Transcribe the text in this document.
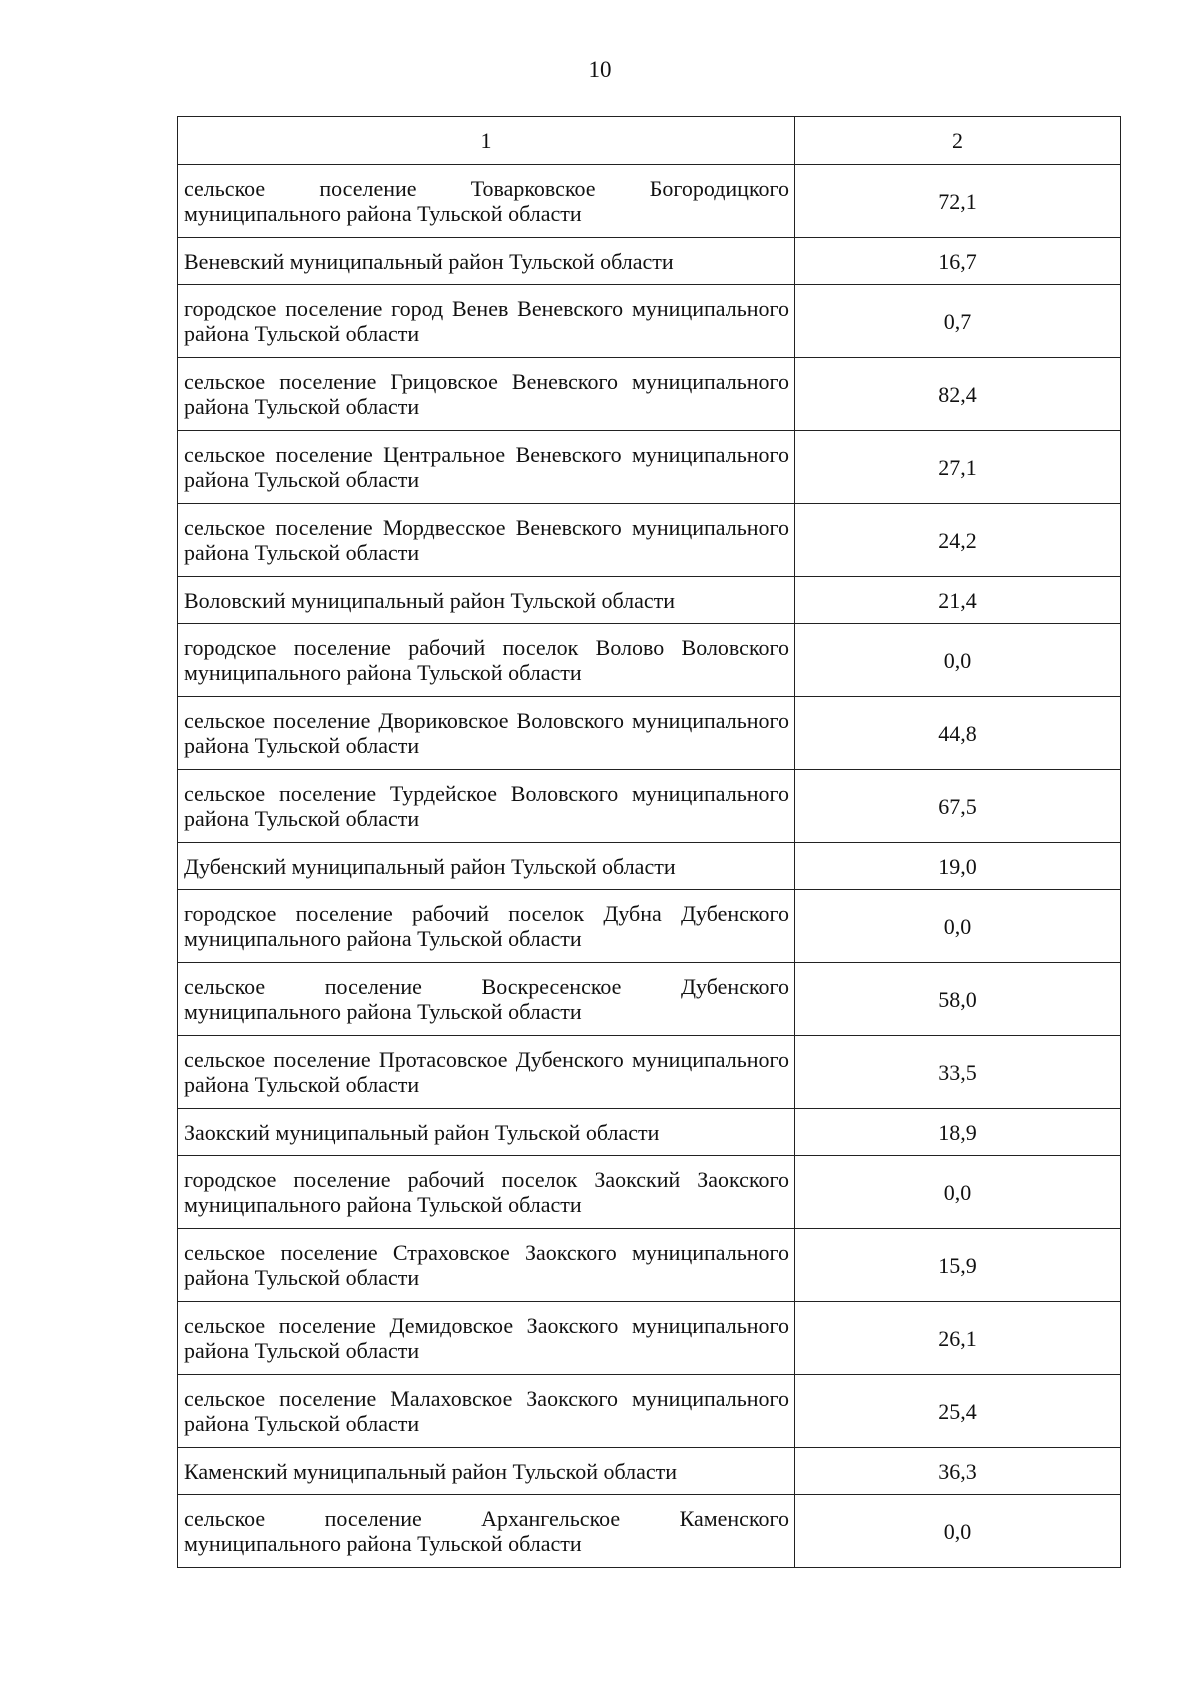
10
1	2
сельское поселение Товарковское Богородицкого муниципального района Тульской области	72,1
Веневский муниципальный район Тульской области	16,7
городское поселение город Венев Веневского муниципального района Тульской области	0,7
сельское поселение Грицовское Веневского муниципального района Тульской области	82,4
сельское поселение Центральное Веневского муниципального района Тульской области	27,1
сельское поселение Мордвесское Веневского муниципального района Тульской области	24,2
Воловский муниципальный район Тульской области	21,4
городское поселение рабочий поселок Волово Воловского муниципального района Тульской области	0,0
сельское поселение Двориковское Воловского муниципального района Тульской области	44,8
сельское поселение Турдейское Воловского муниципального района Тульской области	67,5
Дубенский муниципальный район Тульской области	19,0
городское поселение рабочий поселок Дубна Дубенского муниципального района Тульской области	0,0
сельское поселение Воскресенское Дубенского муниципального района Тульской области	58,0
сельское поселение Протасовское Дубенского муниципального района Тульской области	33,5
Заокский муниципальный район Тульской области	18,9
городское поселение рабочий поселок Заокский Заокского муниципального района Тульской области	0,0
сельское поселение Страховское Заокского муниципального района Тульской области	15,9
сельское поселение Демидовское Заокского муниципального района Тульской области	26,1
сельское поселение Малаховское Заокского муниципального района Тульской области	25,4
Каменский муниципальный район Тульской области	36,3
сельское поселение Архангельское Каменского муниципального района Тульской области	0,0
